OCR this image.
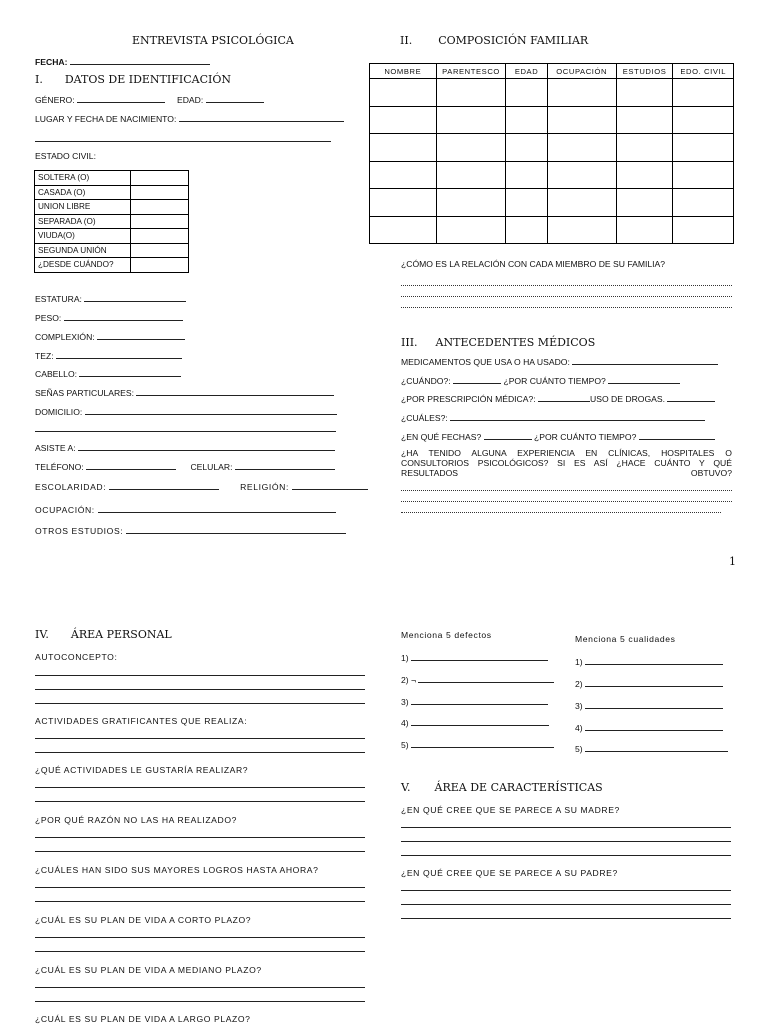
ENTREVISTA PSICOLÓGICA
FECHA:
I. DATOS DE IDENTIFICACIÓN
GÉNERO:	EDAD:
LUGAR Y FECHA DE NACIMIENTO:
ESTADO CIVIL:
SOLTERA (O)	
CASADA (O)	
UNION LIBRE	
SEPARADA (O)	
VIUDA(O)	
SEGUNDA UNIÓN	
¿DESDE CUÁNDO?	
ESTATURA:
PESO:
COMPLEXIÓN:
TEZ:
CABELLO:
SEÑAS PARTICULARES:
DOMICILIO:
ASISTE A:
TELÉFONO:	CELULAR:
ESCOLARIDAD:	RELIGIÓN:
OCUPACIÓN:
OTROS ESTUDIOS:
II. COMPOSICIÓN FAMILIAR
NOMBRE	PARENTESCO	EDAD	OCUPACIÓN	ESTUDIOS	EDO. CIVIL

¿CÓMO ES LA RELACIÓN CON CADA MIEMBRO DE SU FAMILIA?
III. ANTECEDENTES MÉDICOS
MEDICAMENTOS QUE USA O HA USADO:
¿CUÁNDO?:	¿POR CUÁNTO TIEMPO?
¿POR PRESCRIPCIÓN MÉDICA?:	USO DE DROGAS.
¿CUÁLES?:
¿EN QUÉ FECHAS?	¿POR CUÁNTO TIEMPO?
¿HA TENIDO ALGUNA EXPERIENCIA EN CLÍNICAS, HOSPITALES O CONSULTORIOS PSICOLÓGICOS? SI ES ASÍ ¿HACE CUÁNTO Y QUÉ RESULTADOS OBTUVO?
1
IV. ÁREA PERSONAL
AUTOCONCEPTO:
ACTIVIDADES GRATIFICANTES QUE REALIZA:
¿QUÉ ACTIVIDADES LE GUSTARÍA REALIZAR?
¿POR QUÉ RAZÓN NO LAS HA REALIZADO?
¿CUÁLES HAN SIDO SUS MAYORES LOGROS HASTA AHORA?
¿CUÁL ES SU PLAN DE VIDA A CORTO PLAZO?
¿CUÁL ES SU PLAN DE VIDA A MEDIANO PLAZO?
¿CUÁL ES SU PLAN DE VIDA A LARGO PLAZO?
Menciona 5 defectos
1)
2) ¬
3)
4)
5)
Menciona 5 cualidades
1)
2)
3)
4)
5)
V. ÁREA DE CARACTERÍSTICAS
¿EN QUÉ CREE QUE SE PARECE A SU MADRE?
¿EN QUÉ CREE QUE SE PARECE A SU PADRE?
